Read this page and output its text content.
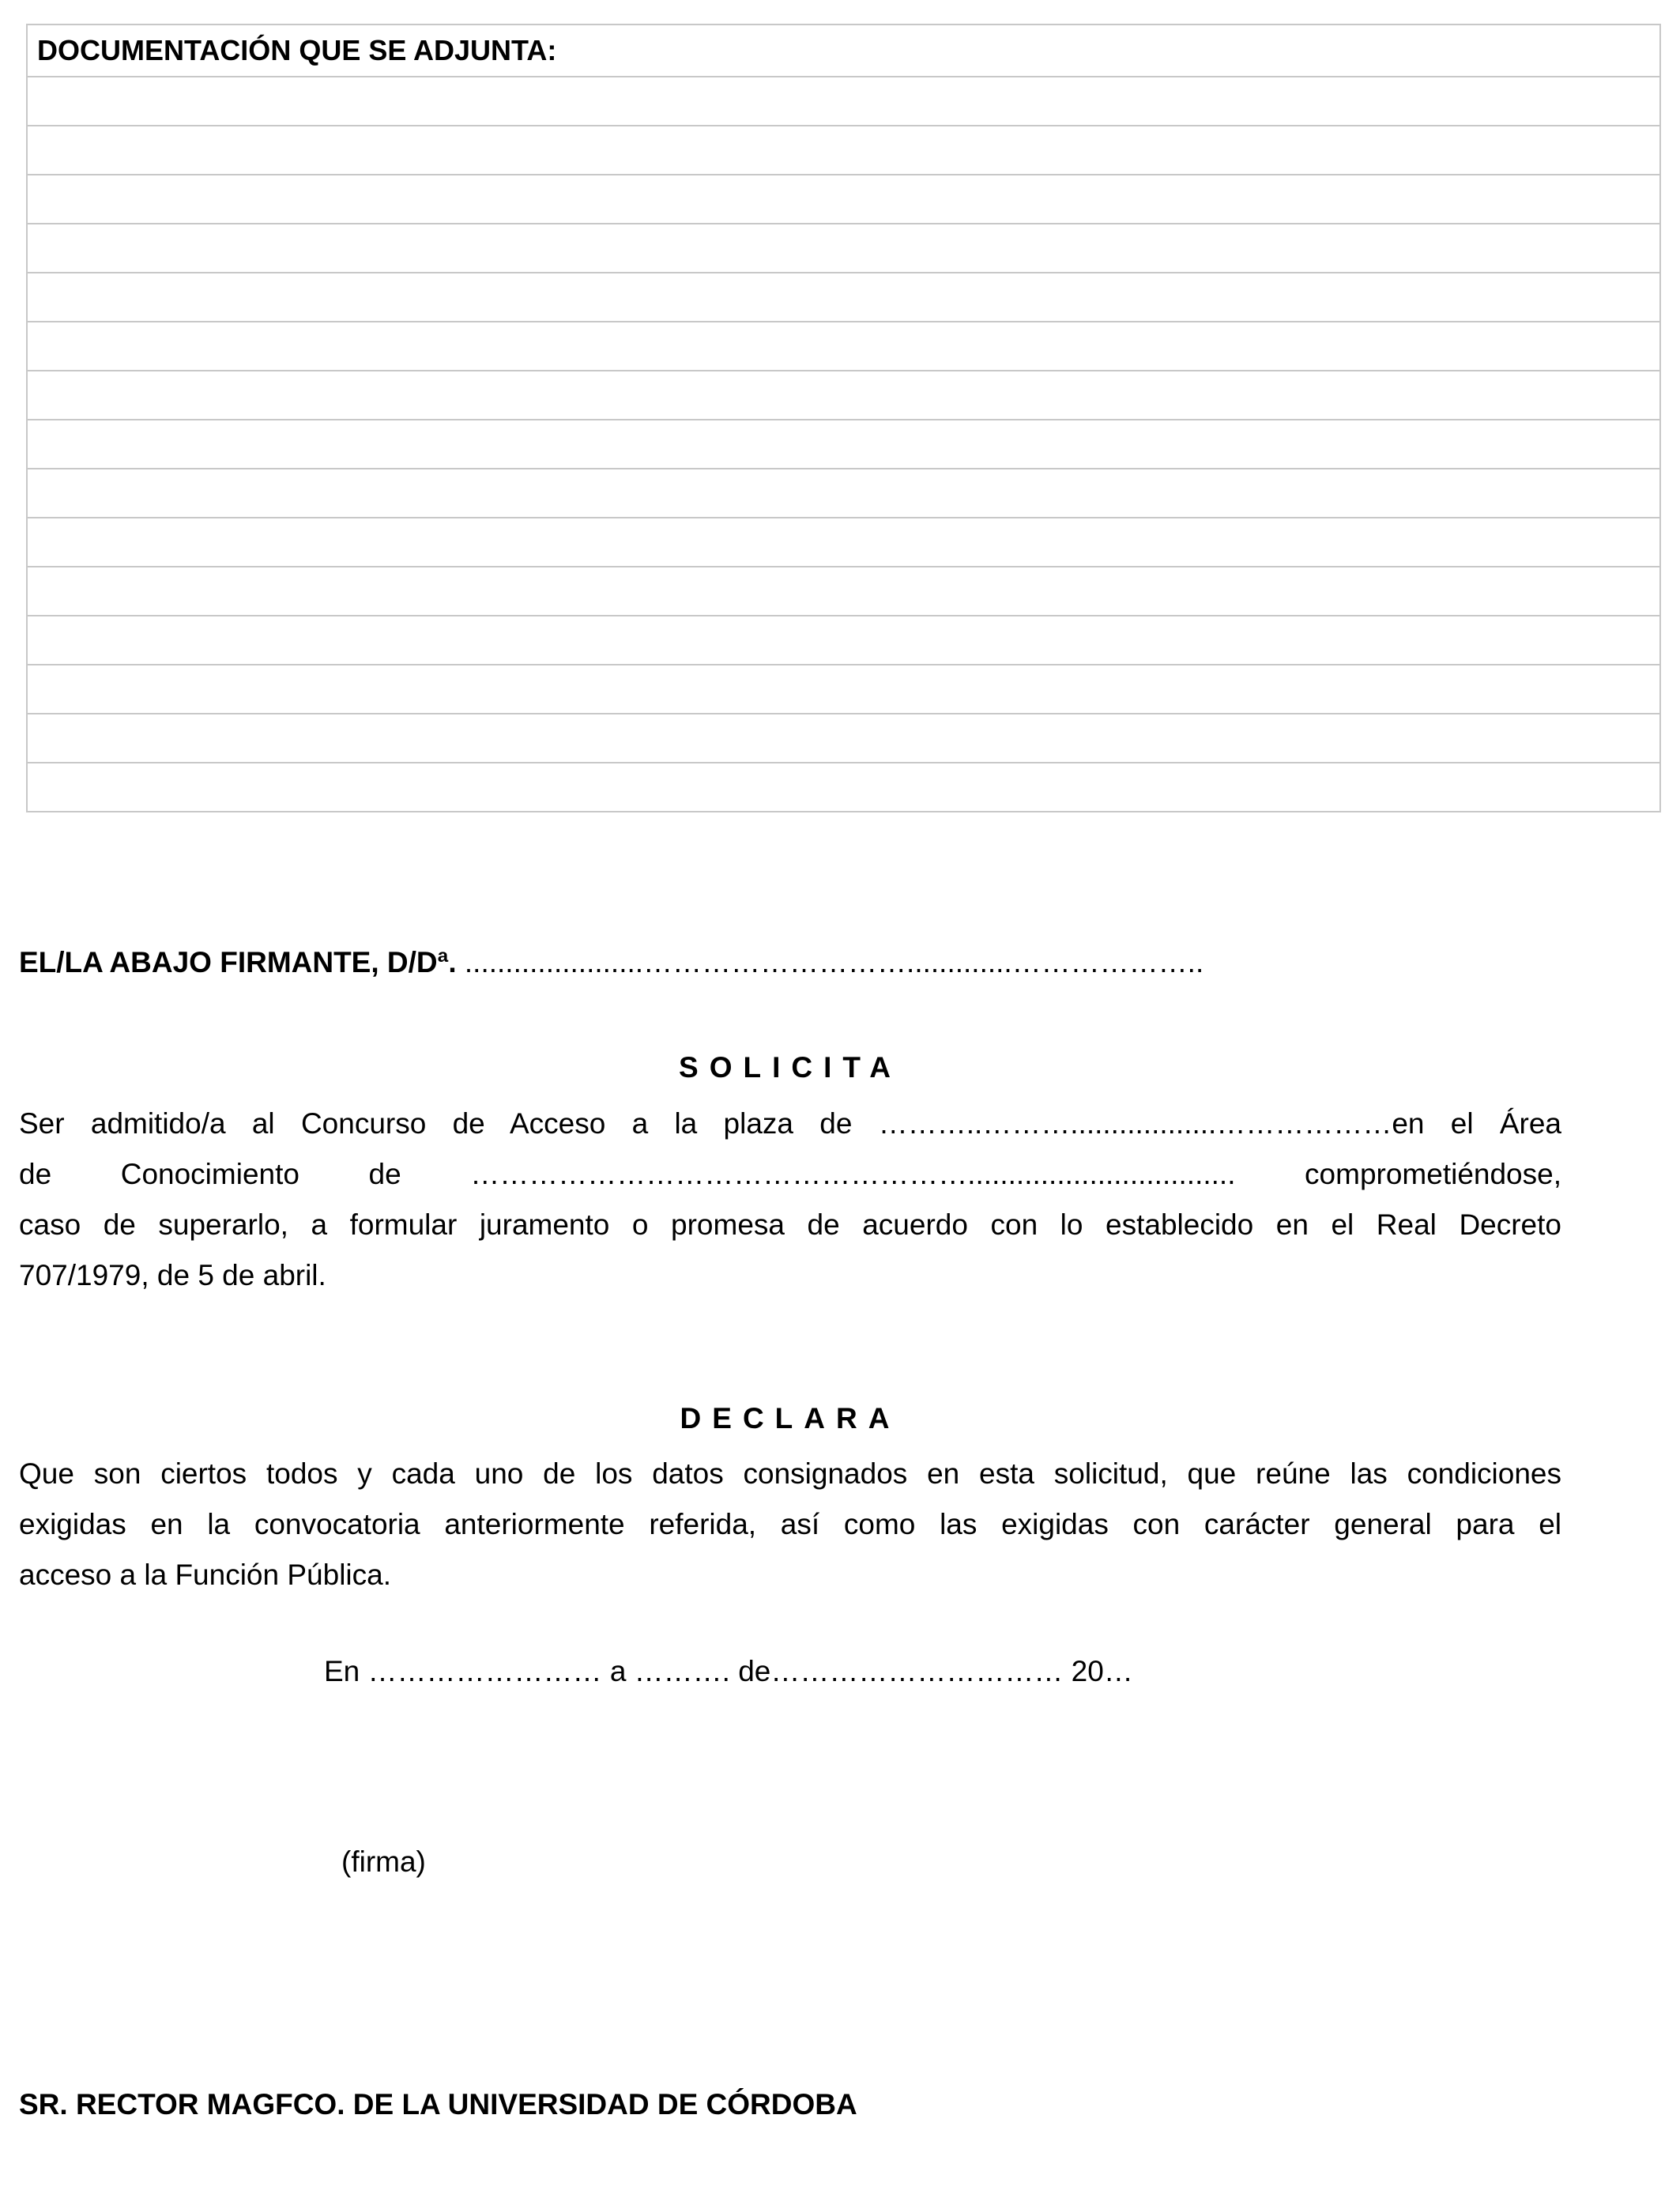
DOCUMENTACIÓN QUE SE ADJUNTA:

EL/LA ABAJO FIRMANTE, D/Dª. ......................……………………….............………………..
SOLICITA
Ser admitido/a al Concurso de Acceso a la plaza de ………..………..................………………en el Área
de Conocimiento de ……………………………………………................................. comprometiéndose,
caso de superarlo, a formular juramento o promesa de acuerdo con lo establecido en el Real Decreto
707/1979, de 5 de abril.
DECLARA
Que son ciertos todos y cada uno de los datos consignados en esta solicitud, que reúne las condiciones
exigidas en la convocatoria anteriormente referida, así como las exigidas con carácter general para el
acceso a la Función Pública.
En …………………… a ………. de………………………… 20…
(firma)
SR. RECTOR MAGFCO. DE LA UNIVERSIDAD DE CÓRDOBA
